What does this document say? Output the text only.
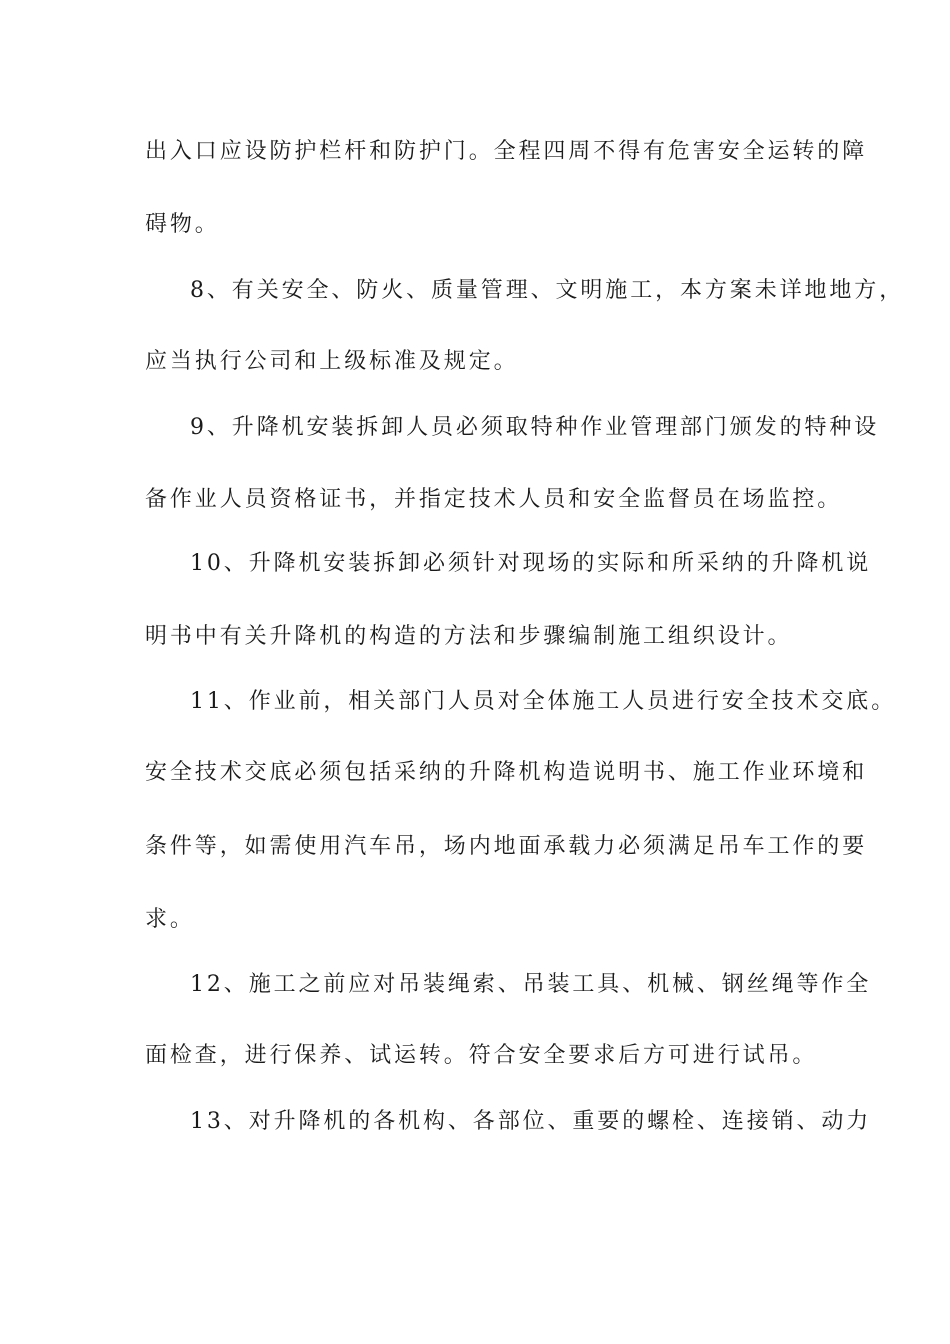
出入口应设防护栏杆和防护门。全程四周不得有危害安全运转的障
碍物。
8、有关安全、防火、质量管理、文明施工，本方案未详地地方，
应当执行公司和上级标准及规定。
9、升降机安装拆卸人员必须取特种作业管理部门颁发的特种设
备作业人员资格证书，并指定技术人员和安全监督员在场监控。
10、升降机安装拆卸必须针对现场的实际和所采纳的升降机说
明书中有关升降机的构造的方法和步骤编制施工组织设计。
11、作业前，相关部门人员对全体施工人员进行安全技术交底。
安全技术交底必须包括采纳的升降机构造说明书、施工作业环境和
条件等，如需使用汽车吊，场内地面承载力必须满足吊车工作的要
求。
12、施工之前应对吊装绳索、吊装工具、机械、钢丝绳等作全
面检查，进行保养、试运转。符合安全要求后方可进行试吊。
13、对升降机的各机构、各部位、重要的螺栓、连接销、动力
